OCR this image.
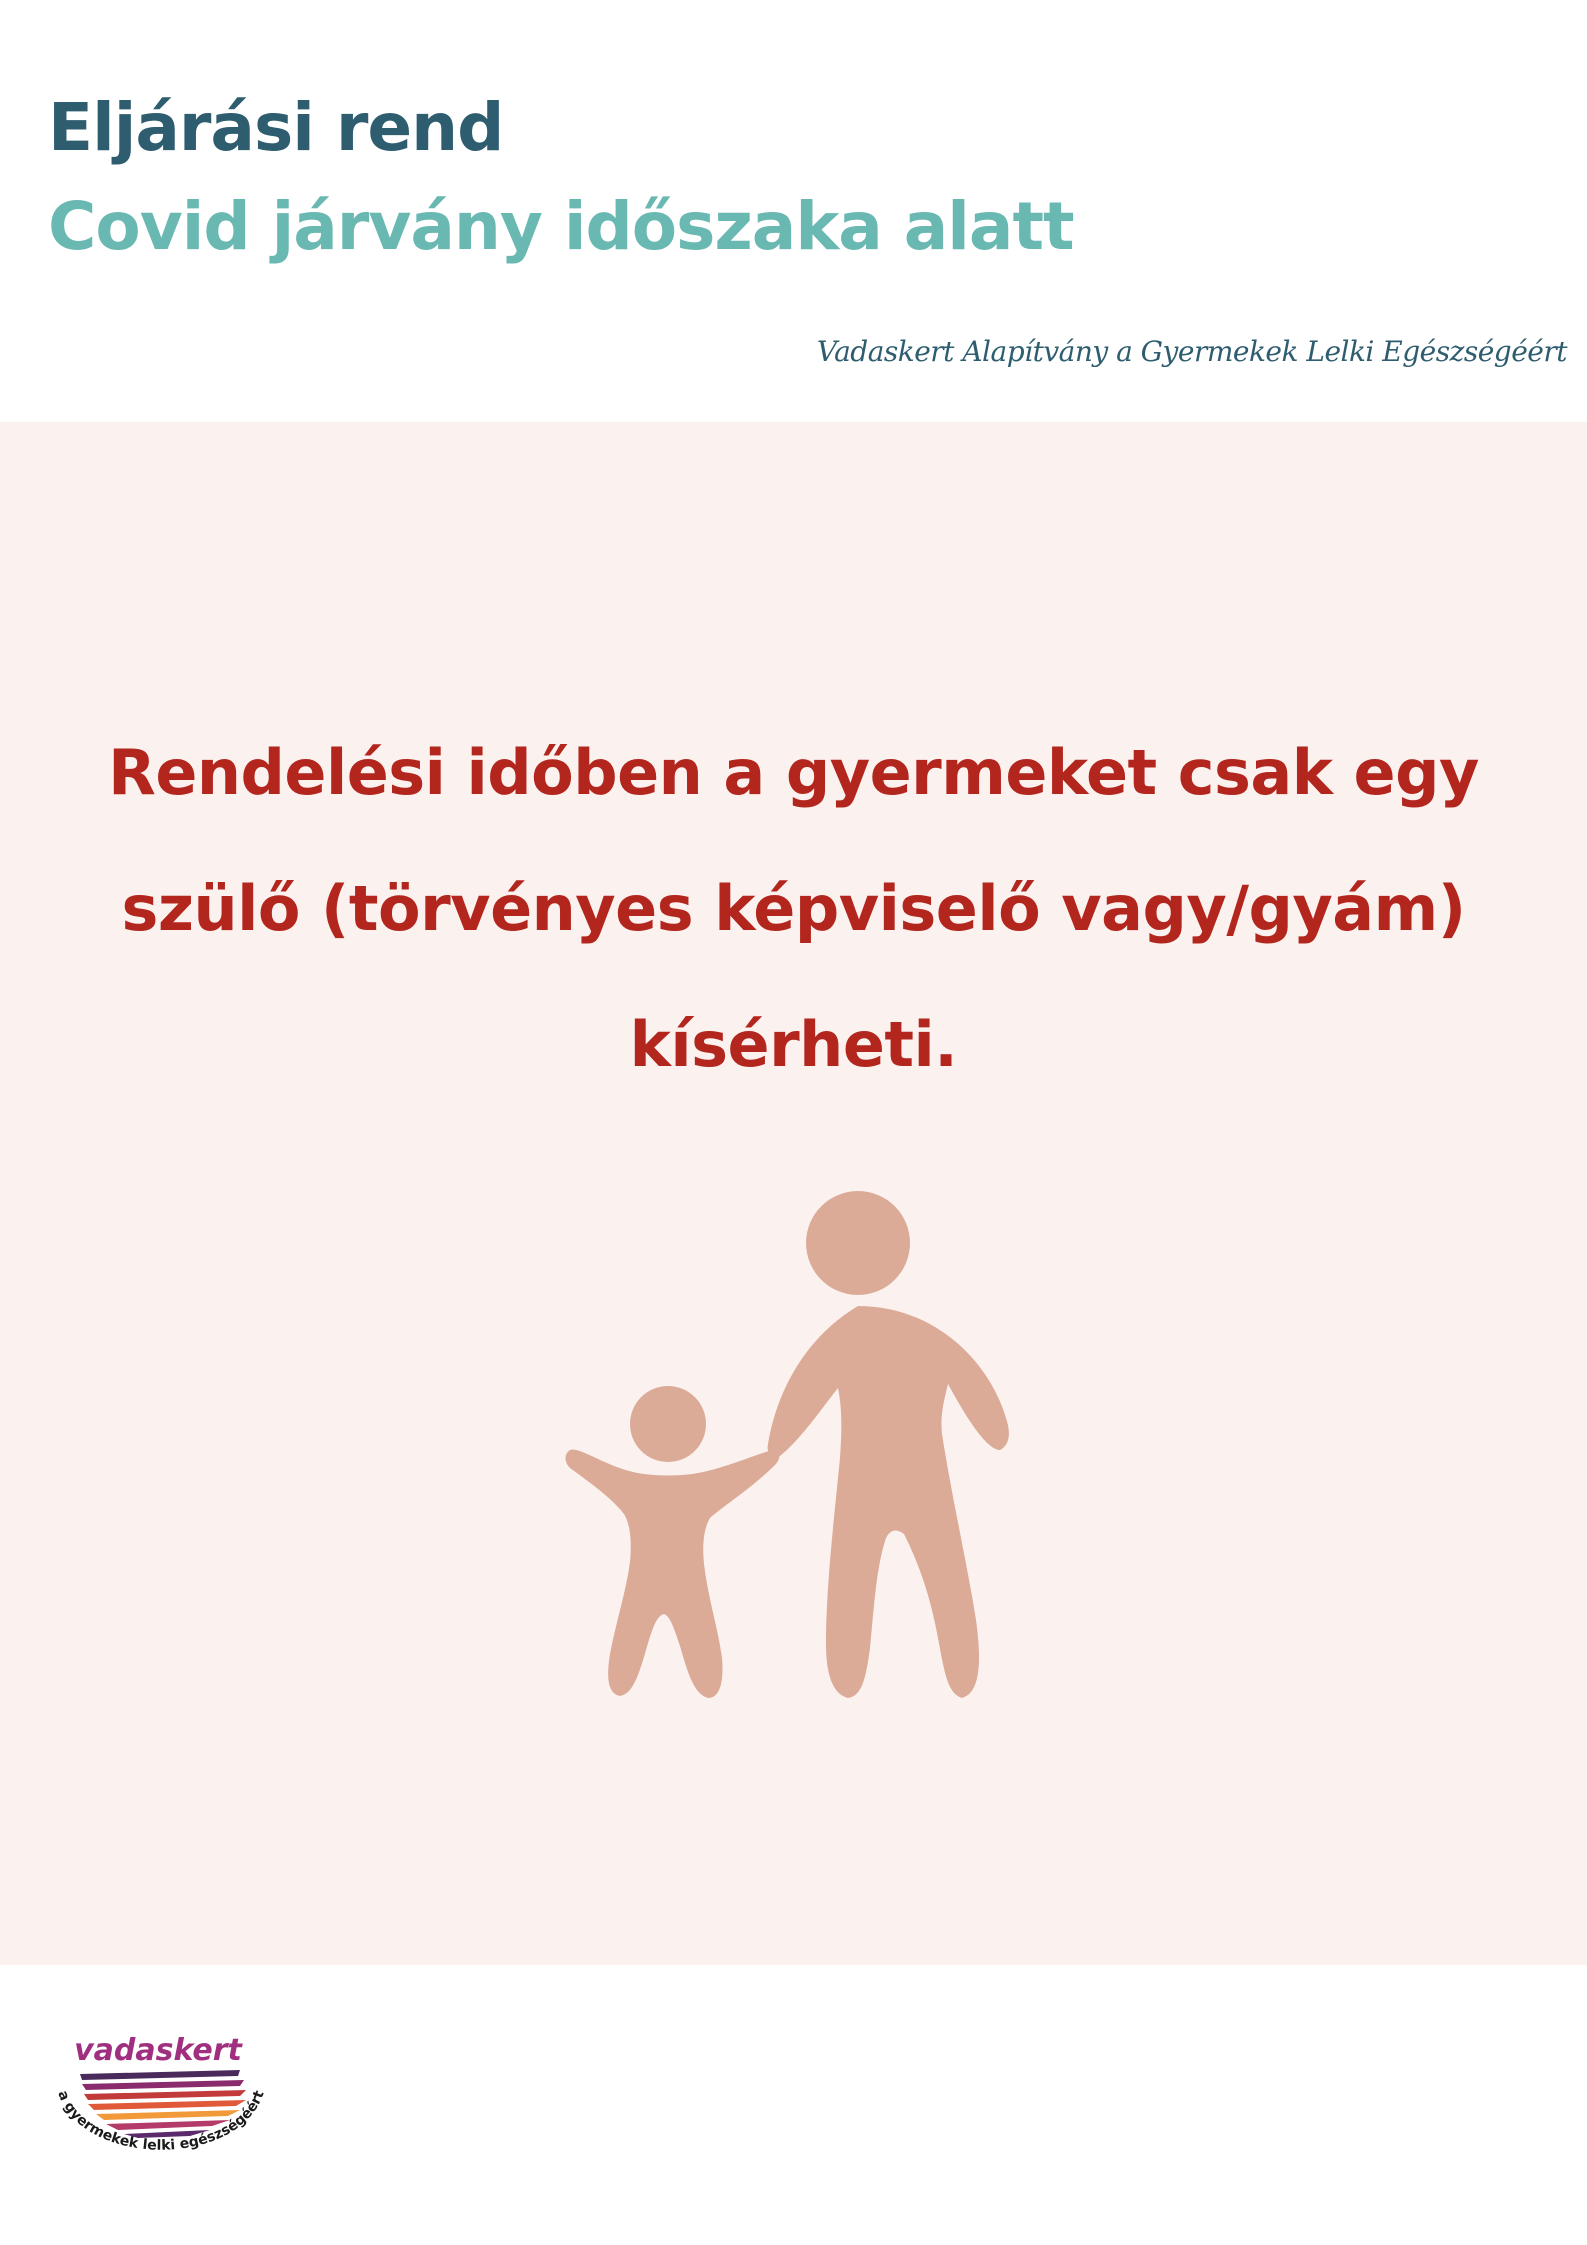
Eljárási rend
Covid járvány időszaka alatt
Vadaskert Alapítvány a Gyermekek Lelki Egészségéért
Rendelési időben a gyermeket csak egy
szülő (törvényes képviselő vagy/gyám)
kísérheti.
vadaskert
a gyermekek lelki egészségéért
